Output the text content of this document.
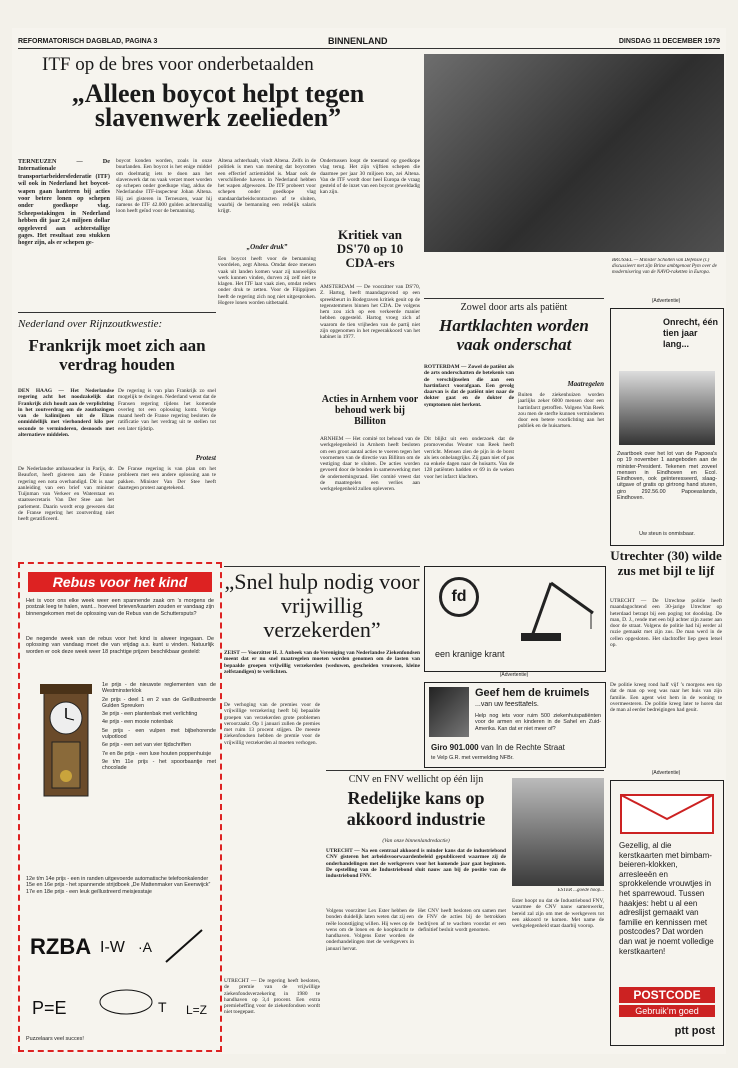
REFORMATORISCH DAGBLAD, PAGINA 3	BINNENLAND	DINSDAG 11 DECEMBER 1979
ITF op de bres voor onderbetaalden
„Alleen boycot helpt tegen slavenwerk zeelieden”
TERNEUZEN — De Internationale transportarbeidersfederatie (ITF) wil ook in Nederland het boycot-wapen gaan hanteren bij acties voor betere lonen op schepen onder goedkope vlag. Scheepsstakingen in Nederland hebben dit jaar 2,4 miljoen dollar opgeleverd aan achterstallige gages. Het resultaat zou stukken hoger zijn, als er schepen ge-
boycot konden worden, zoals in onze buurlanden. Een boycot is het enige middel om doelmatig iets te doen aan het slavenwerk dat nu vaak verzet moet worden op schepen onder goedkope vlag, aldus de Nederlandse ITF-inspecteur Johan Altena. Hij zei gisteren in Terneuzen, waar hij namens de ITF 42.000 gulden achterstallig loon heeft geïnd voor de bemanning.
Altena achterhaalt, vindt Altena. Zelfs in de politiek is men van mening dat boycotten een effectief actiemiddel is. Maar ook de verschillende havens in Nederland hebben het wapen afgewezen. De ITF probeert voor schepen onder goedkope vlag standaardarbeidscontracten af te sluiten, waarbij de bemanning een redelijk salaris krijgt.
„Onder druk”
Een boycot heeft voor de bemanning voordelen, zegt Altena. Omdat deze mensen vaak uit landen komen waar zij nauwelijks werk kunnen vinden, durven zij zelf niet te klagen. Het ITF laat vaak zien, omdat reders onder druk te zetten. Voor de Filippijnen heeft de regering zich nog niet uitgesproken. Hogere lonen worden uitbetaald.
BRUSSEL — Minister Scholten van Defensie (l.) discussieert met zijn Britse ambtgenoot Pym over de modernisering van de NAVO-raketten in Europa.
Ondertussen loopt de toestand op goedkope vlag terug. Het zijn vijftien schepen die daarmee per jaar 30 miljoen ton, zei Altena. Van de ITF wordt door heel Europa de vraag gesteld of de inzet van een boycot geweldadig kan zijn.
Kritiek van DS'70 op 10 CDA-ers
AMSTERDAM — De voorzitter van DS'70, Z. Hartog, heeft maandagavond op een spreekbeurt in Bodegraven kritiek geuit op de tegenstemmers binnen het CDA. De volgens hem zou zich op een verkeerde manier hebben opgesteld. Hartog vroeg zich af waarom de tien vrijheden van de partij niet zijn opgenomen in het regeerakkoord van het kabinet in 1977.
Acties in Arnhem voor behoud werk bij Billiton
ARNHEM — Het comité tot behoud van de werkgelegenheid in Arnhem heeft besloten om een groot aantal acties te voeren tegen het voornemen van de directie van Billiton om de vestiging daar te sluiten. De acties worden gevoerd door de bonden in samenwerking met de ondernemingsraad. Het comité vreest dat de maatregelen een verlies aan werkgelegenheid zullen opleveren.
Nederland over Rijnzoutkwestie:
Frankrijk moet zich aan verdrag houden
DEN HAAG — Het Nederlandse regering acht het noodzakelijk dat Frankrijk zich houdt aan de verplichting in het zoutverdrag om de zoutlozingen van de kalimijnen uit de Elzas onmiddellijk met vierhonderd kilo per seconde te verminderen, desnoods met alternatieve middelen.
De Nederlandse ambassadeur in Parijs, dr. Beaufort, heeft gisteren aan de Franse regering een nota overhandigd. Dit is naar aanleiding van een brief van minister Tuijnman van Verkeer en Waterstaat en staatssecretaris Van Der Stee aan het parlement. Daarin wordt erop gewezen dat de Franse regering het zoutverdrag niet heeft geratificeerd.
De regering is van plan Frankrijk zo snel mogelijk te dwingen. Nederland wenst dat de Fransen regering tijdens het komende overleg tot een oplossing komt. Vorige maand heeft de Franse regering besloten de ratificatie van het verdrag uit te stellen tot een later tijdstip.
Protest
De Franse regering is van plan om het probleem met een andere oplossing aan te pakken. Minister Van Der Stee heeft daartegen protest aangetekend.
Rebus voor het kind
Het is voor ons elke week weer een spannende zaak om ’s morgens de postzak leeg te halen, want... hoeveel brieven/kaarten zouden er vandaag zijn binnengekomen met de oplossing van de Rebus van de Schuttersputs?
De negende week van de rebus voor het kind is alweer ingegaan. De oplossing van vandaag moet die van vrijdag a.s. kunt u vinden. Natuurlijk worden er ook deze week weer 18 prachtige prijzen beschikbaar gesteld:
1e prijs - de nieuwste reglementen van de Westminsterklok
2e prijs - deel 1 en 2 van de Geïllustreerde Gulden Spreuken
3e prijs - een plantenbak met verlichting
4e prijs - een mooie notenbak
5e prijs - een vulpen met bijbehorende vulpotlood
6e prijs - een set van vier tijdschriften
7e en 8e prijs - een luxe houten poppenhuisje
9e t/m 11e prijs - het spoorbaantje met chocolade
12e t/m 14e prijs - een in randen uitgevoerde automatische telefoonkalender
15e en 16e prijs - het spannende strijdboek „De Mattenmaker van Eeenwijck”
17e en 18e prijs - een leuk geïllustreerd meisjesstaje
RZBA I-W ·A
P=E	T L=Z
Puzzelaars veel succes!
„Snel hulp nodig voor vrijwillig verzekerden”
ZEIST — Voorzitter H. J. Anbeek van de Vereniging van Nederlandse Ziekenfondsen meent dat er nu snel maatregelen moeten worden genomen om de lasten van bepaalde groepen vrijwillig verzekerden (weduwen, gescheiden vrouwen, kleine zelfstandigen) te verlichten.
De verhoging van de premies voor de vrijwillige verzekering heeft bij bepaalde groepen van verzekerden grote problemen veroorzaakt. Op 1 januari zullen de premies met ruim 13 procent stijgen. De meeste ziekenfondsen hebben de premie voor de vrijwillig verzekerden al moeten verhogen.
UTRECHT — De regering heeft besloten, de premie van de vrijwillige ziekenfondsverzekering in 1980 te handhaven op 3,4 procent. Een extra premieheffing voor de ziekenfondsen wordt niet toegepast.
Zowel door arts als patiënt
Hartklachten worden vaak onderschat
ROTTERDAM — Zowel de patiënt als de arts onderschatten de betekenis van de verschijnselen die aan een hartinfarct voorafgaan. Een gevolg daarvan is dat de patiënt niet naar de dokter gaat en de dokter de symptomen niet herkent.
Dit blijkt uit een onderzoek dat de promovendus Wouter van Reek heeft verricht. Mensen zien de pijn in de borst als iets onbelangrijks. Zij gaan niet of pas na enkele dagen naar de huisarts. Van de 128 patiënten hadden er 69 in de weken voor het infarct klachten.
Maatregelen
Buiten de ziekenhuizen worden jaarlijks zeker 6000 mensen door een hartinfarct getroffen. Volgens Van Reek zou men de sterfte kunnen verminderen door een betere voorlichting aan het publiek en de huisartsen.
(Advertentie)
Onrecht, één tien jaar lang...
Zwartboek over het lot van de Papoea's op 19 november 1 aangeboden aan de minister-President. Tekenen met zoveel mensen in Eindhoven en Ecol. Eindhoven, ook geïnteresseerd, slaag-uitgave of gratis op girtrong hand sturen, giro 292.56.00 Papoeaslands, Eindhoven.
Uw steun is onmisbaar.
Utrechter (30) wilde zus met bijl te lijf
UTRECHT — De Utrechtse politie heeft maandagochtend een 30-jarige Utrechter op heterdaad betrapt bij een poging tot doodslag. De man, D. J., rende met een bijl achter zijn zuster aan door de straat. Volgens de politie had hij eerder al ruzie gemaakt met zijn zus. De man werd in de cellen opgesloten. Het slachtoffer liep geen letsel op.
De politie kreeg rond half vijf ’s morgens een tip dat de man op weg was naar het huis van zijn familie. Een agent wist hem in de woning te overmeesteren. De politie kreeg later te horen dat de man al eerder bedreigingen had geuit.
fd
een kranige krant
(Advertentie)
Geef hem de kruimels
...van uw feesttafels.
Help nog iets voor ruim 500 ziekenhuispatiënten voor de armen en kinderen in de Sahel en Zuid-Amerika. Kan dat er niet meer of?
Giro 901.000 van In de Rechte Straat
te Velp G.R. met vermelding NFBr.
CNV en FNV wellicht op één lijn
Redelijke kans op akkoord industrie
(Van onze binnenlandredactie)
UTRECHT — Na een centraal akkoord is minder kans dat de industriebond CNV gisteren het arbeidsvoorwaardenbeleid gepubliceerd waarmee zij de onderhandelingen met de werkgevers voor het komende jaar gaat beginnen. De opstelling van de Industriebond sluit nauw aan bij de positie van de industriebond FNV.
Volgens voorzitter Lex Ester hebben de bonden duidelijk laten weten dat zij een reële loonstijging willen. Hij wees op de wens om de lonen en de koopkracht te handhaven. Volgens Ester worden de onderhandelingen met de werkgevers in januari hervat.
Het CNV heeft besloten om samen met de FNV de acties bij de betrokken bedrijven af te wachten voordat er een definitief besluit wordt genomen.
ESTER ...goede hoop...
Ester hoopt nu dat de Industriebond FNV, waarmee de CNV nauw samenwerkt, bereid zal zijn om met de werkgevers tot een akkoord te komen. Met name de werkgelegenheid staat daarbij voorop.
(Advertentie)
Gezellig, al die kerstkaarten met bimbam-beieren-klokken, arresleeën en sprokkelende vrouwtjes in het sparrewoud. Tussen haakjes: hebt u al een adreslijst gemaakt van familie en kennissen met postcodes? Dat worden dan wat je noemt volledige kerstkaarten!
POSTCODE
Gebruik’m goed
ptt post
